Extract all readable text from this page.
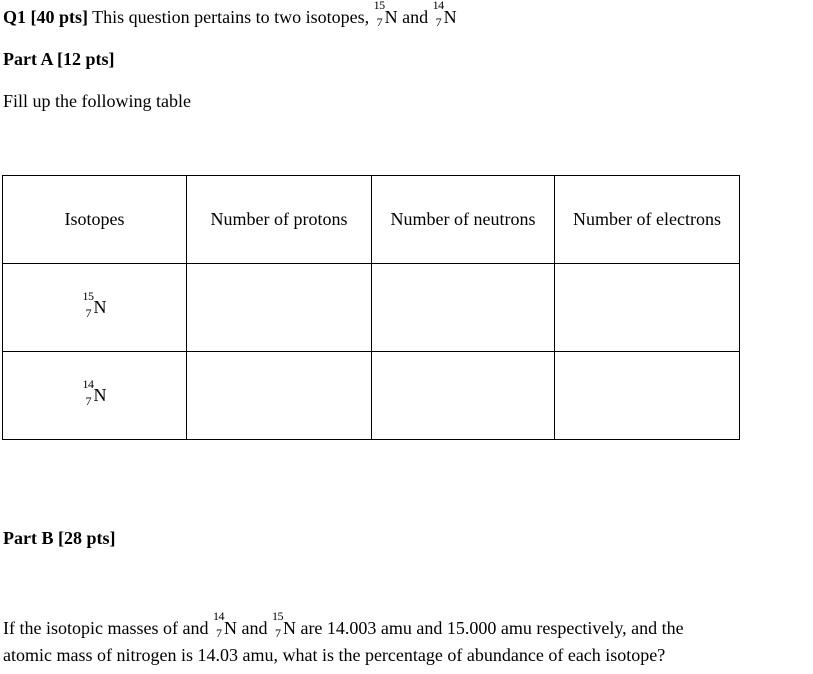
Q1 [40 pts] This question pertains to two isotopes,
15
7 N and
14
7 N
Part A [12 pts]
Fill up the following table
Isotopes	Number of protons	Number of neutrons	Number of electrons

15
7 N			

14
7 N			
Part B [28 pts]
If the isotopic masses of and
14
7 N and
15
7 N are 14.003 amu and 15.000 amu respectively, and the
atomic mass of nitrogen is 14.03 amu, what is the percentage of abundance of each isotope?
